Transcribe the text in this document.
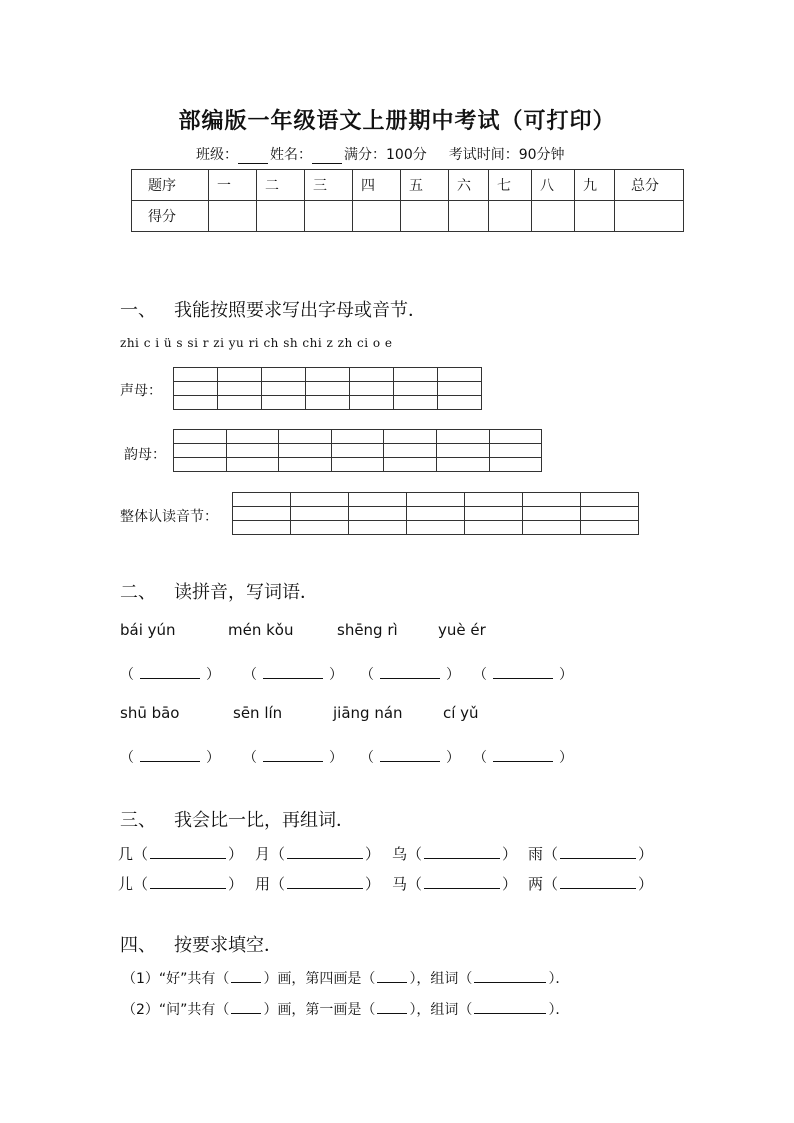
部编版一年级语文上册期中考试（可打印）
班级： 姓名： 满分：100分 考试时间：90分钟
题序	一	二	三	四	五	六	七	八	九	总分
得分										
一、 我能按照要求写出字母或音节．
zhi c i ü s si r zi yu ri ch sh chi z zh ci o e
声母：
韵母：
整体认读音节：
二、 读拼音，写词语．
bái yún	mén kǒu	shēng rì	yuè ér
（	） （	） （	） （	）
shū bāo	sēn lín	jiāng nán	cí yǔ
（	） （	） （	） （	）
三、 我会比一比，再组词．
几（	） 月（	） 乌（	） 雨（	）
儿（	） 用（	） 马（	） 两（	）
四、 按要求填空．
（1）“好”共有（ ）画，第四画是（ ），组词（	）．
（2）“问”共有（ ）画，第一画是（ ），组词（	）．
